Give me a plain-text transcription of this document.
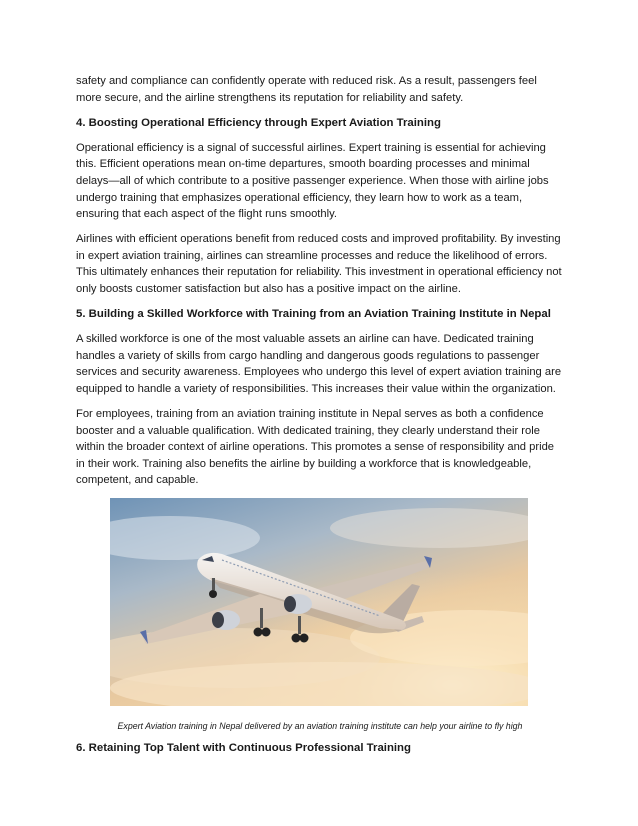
safety and compliance can confidently operate with reduced risk. As a result, passengers feel more secure, and the airline strengthens its reputation for reliability and safety.

4. Boosting Operational Efficiency through Expert Aviation Training

Operational efficiency is a signal of successful airlines. Expert training is essential for achieving this. Efficient operations mean on-time departures, smooth boarding processes and minimal delays—all of which contribute to a positive passenger experience. When those with airline jobs undergo training that emphasizes operational efficiency, they learn how to work as a team, ensuring that each aspect of the flight runs smoothly.

Airlines with efficient operations benefit from reduced costs and improved profitability. By investing in expert aviation training, airlines can streamline processes and reduce the likelihood of errors. This ultimately enhances their reputation for reliability. This investment in operational efficiency not only boosts customer satisfaction but also has a positive impact on the airline.

5. Building a Skilled Workforce with Training from an Aviation Training Institute in Nepal

A skilled workforce is one of the most valuable assets an airline can have. Dedicated training handles a variety of skills from cargo handling and dangerous goods regulations to passenger services and security awareness. Employees who undergo this level of expert aviation training are equipped to handle a variety of responsibilities. This increases their value within the organization.

For employees, training from an aviation training institute in Nepal serves as both a confidence booster and a valuable qualification. With dedicated training, they clearly understand their role within the broader context of airline operations. This promotes a sense of responsibility and pride in their work. Training also benefits the airline by building a workforce that is knowledgeable, competent, and capable.

Expert Aviation training in Nepal delivered by an aviation training institute can help your airline to fly high

6. Retaining Top Talent with Continuous Professional Training
